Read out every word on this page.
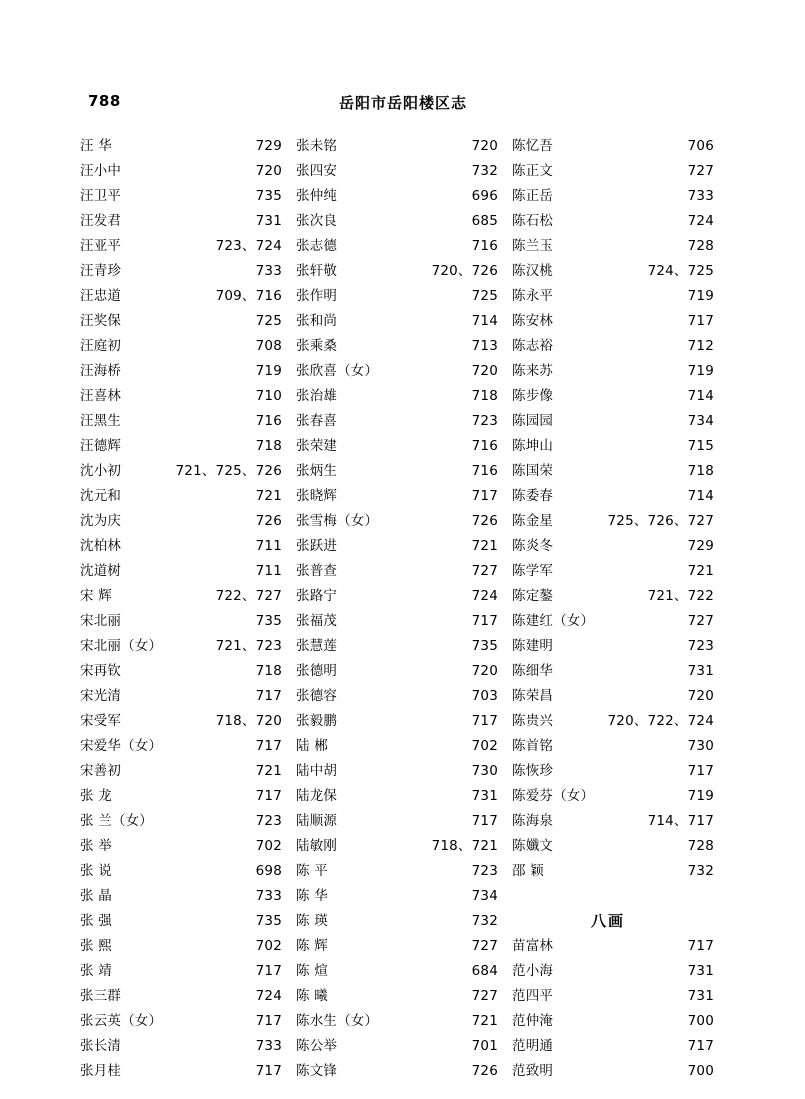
788	岳阳市岳阳楼区志
汪 华	729
汪小中	720
汪卫平	735
汪发君	731
汪亚平	723、724
汪青珍	733
汪忠道	709、716
汪奖保	725
汪庭初	708
汪海桥	719
汪喜林	710
汪黑生	716
汪德辉	718
沈小初	721、725、726
沈元和	721
沈为庆	726
沈柏林	711
沈道树	711
宋 辉	722、727
宋北丽	735
宋北丽（女）	721、723
宋再钦	718
宋光清	717
宋受军	718、720
宋爱华（女）	717
宋善初	721
张 龙	717
张 兰（女）	723
张 举	702
张 说	698
张 晶	733
张 强	735
张 熙	702
张 靖	717
张三群	724
张云英（女）	717
张长清	733
张月桂	717
张未铭	720
张四安	732
张仲纯	696
张次良	685
张志德	716
张轩敬	720、726
张作明	725
张和尚	714
张乘桑	713
张欣喜（女）	720
张治雄	718
张春喜	723
张荣建	716
张炳生	716
张晓辉	717
张雪梅（女）	726
张跃进	721
张普查	727
张路宁	724
张福茂	717
张慧莲	735
张德明	720
张德容	703
张毅鹏	717
陆 郴	702
陆中胡	730
陆龙保	731
陆顺源	717
陆敏刚	718、721
陈 平	723
陈 华	734
陈 瑛	732
陈 辉	727
陈 煊	684
陈 曦	727
陈水生（女）	721
陈公举	701
陈文锋	726
陈忆吾	706
陈正文	727
陈正岳	733
陈石松	724
陈兰玉	728
陈汉桃	724、725
陈永平	719
陈安林	717
陈志裕	712
陈来苏	719
陈步像	714
陈园园	734
陈坤山	715
陈国荣	718
陈委春	714
陈金星	725、726、727
陈炎冬	729
陈学军	721
陈定鏊	721、722
陈建红（女）	727
陈建明	723
陈细华	731
陈荣昌	720
陈贵兴	720、722、724
陈首铭	730
陈恢珍	717
陈爱芬（女）	719
陈海泉	714、717
陈孅文	728
邵 颖	732
八画
苗富林	717
范小海	731
范四平	731
范仲淹	700
范明通	717
范致明	700
